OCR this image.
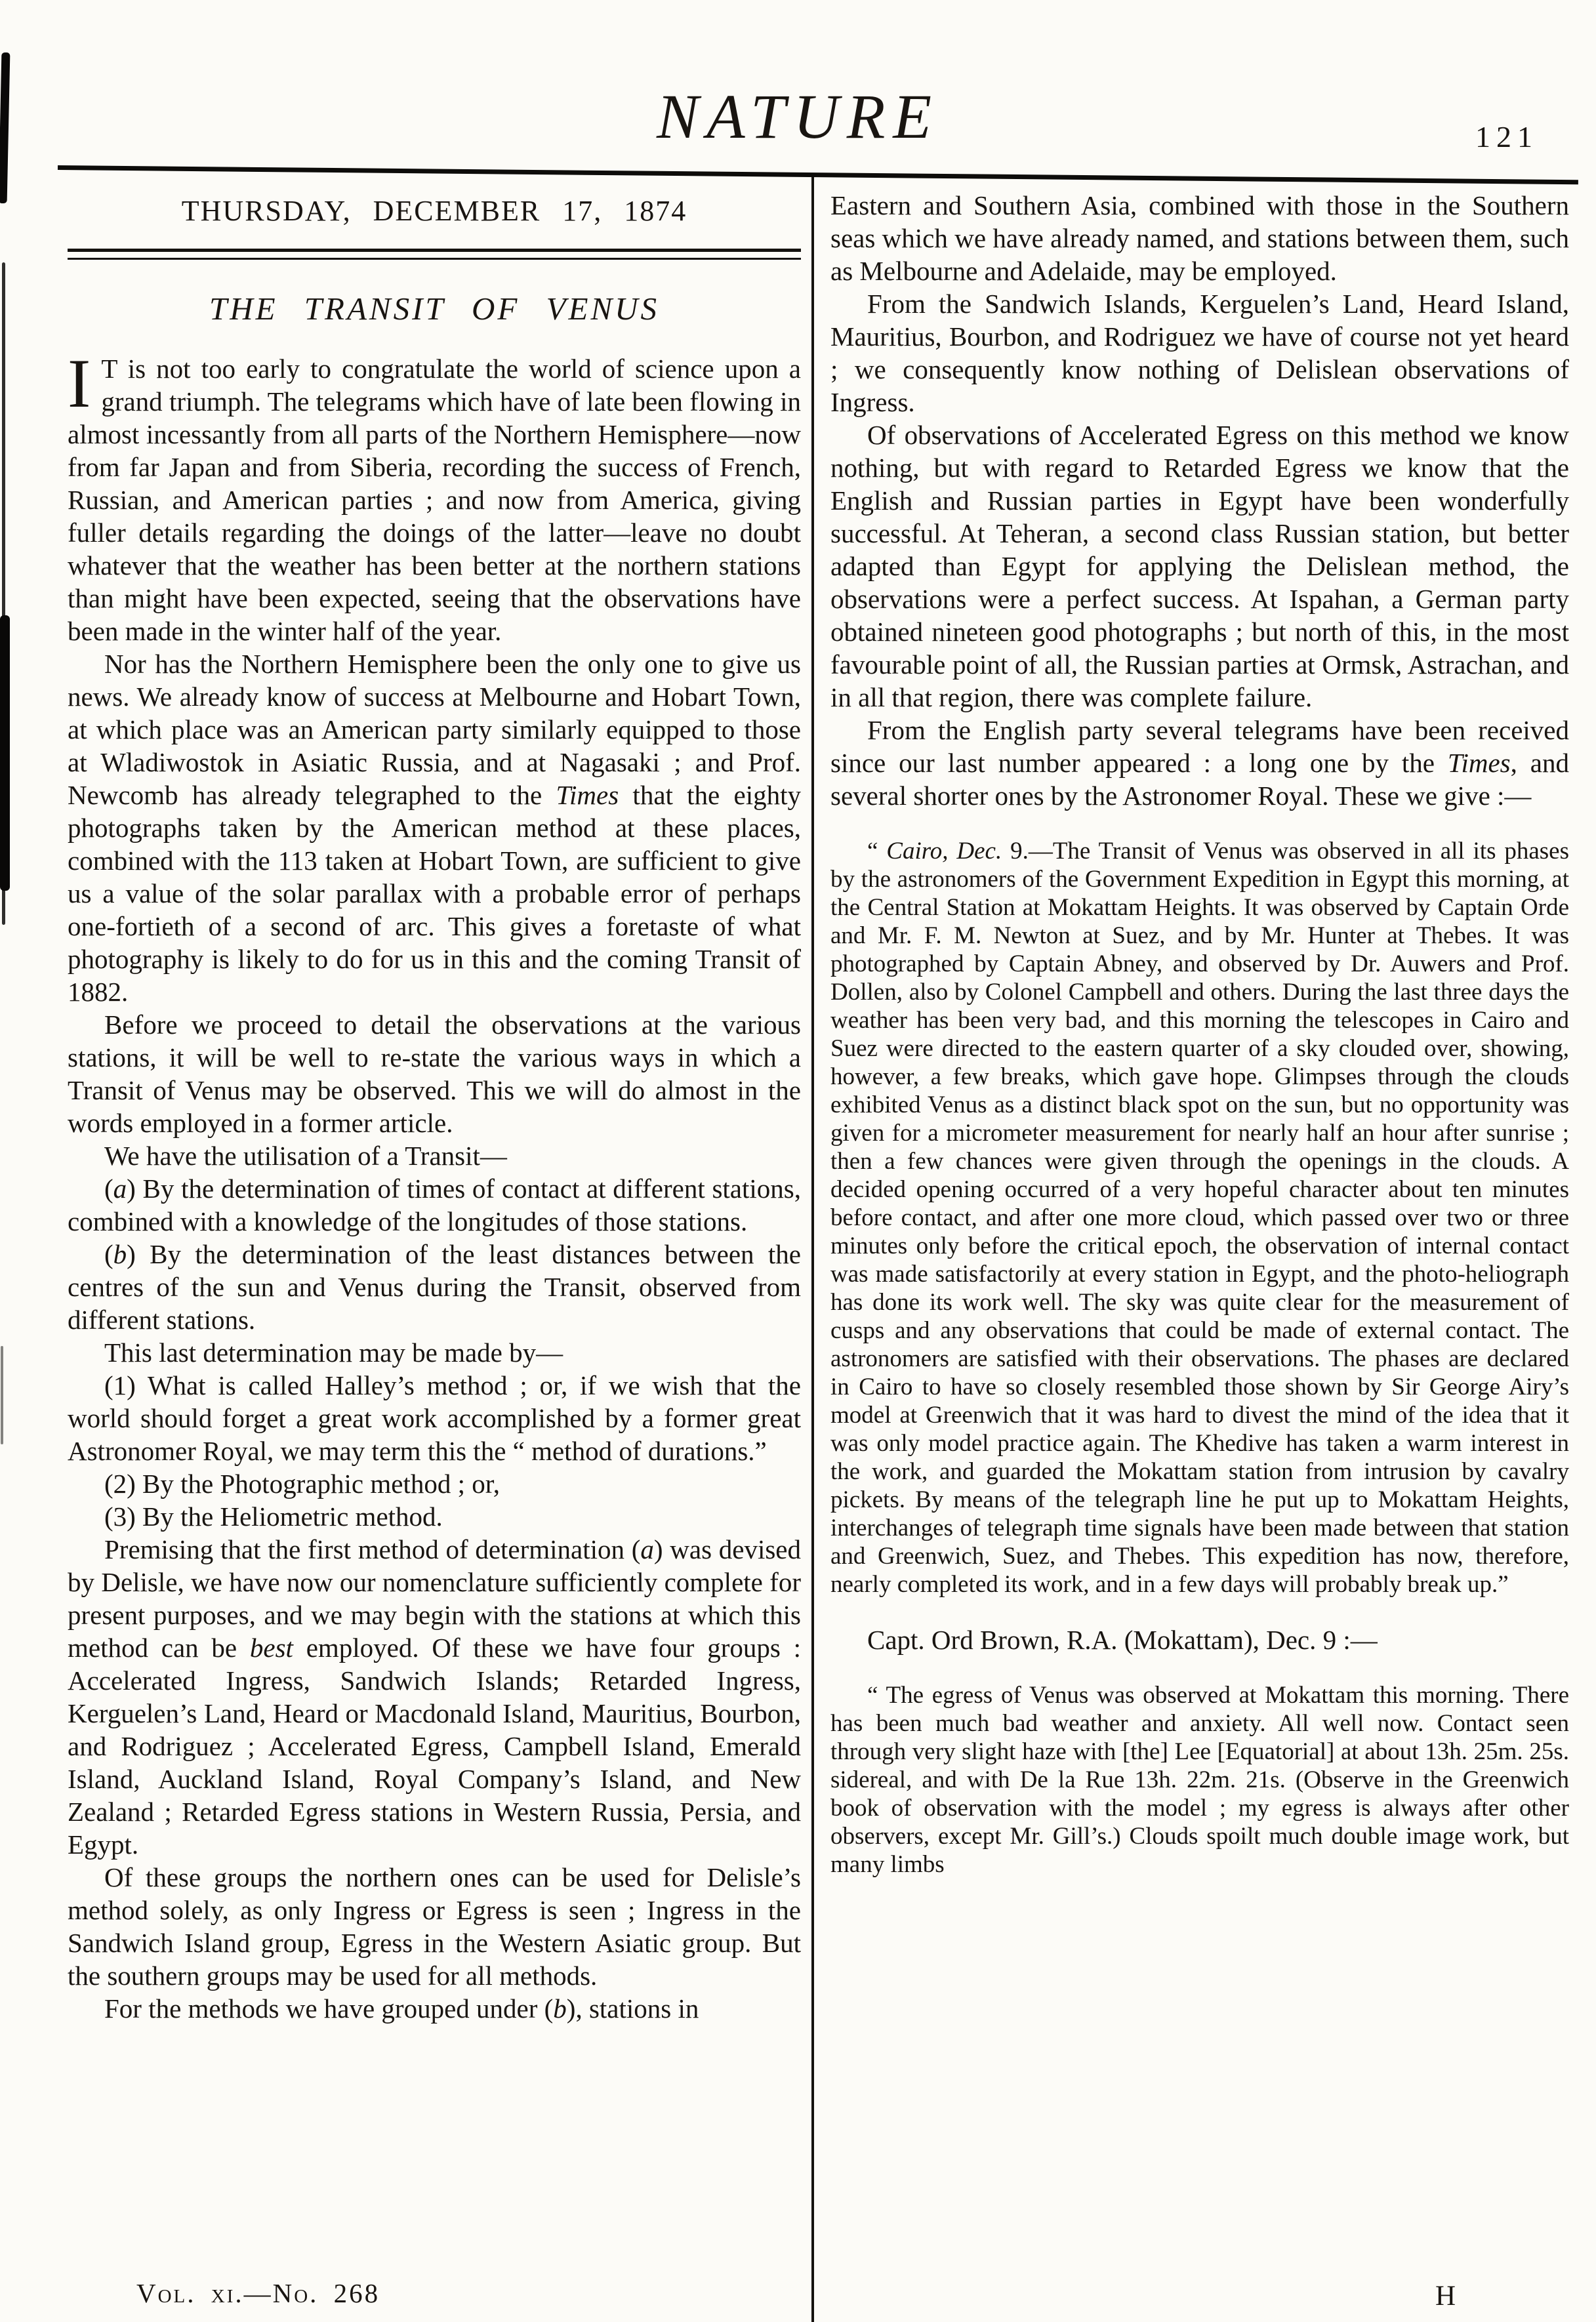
NATURE	121
THURSDAY, DECEMBER 17, 1874
THE TRANSIT OF VENUS

I T is not too early to congratulate the world of science upon a grand triumph. The telegrams which have of late been flowing in almost incessantly from all parts of the Northern Hemisphere—now from far Japan and from Siberia, recording the success of French, Russian, and American parties ; and now from America, giving fuller details regarding the doings of the latter—leave no doubt whatever that the weather has been better at the northern stations than might have been expected, seeing that the observations have been made in the winter half of the year.

Nor has the Northern Hemisphere been the only one to give us news. We already know of success at Melbourne and Hobart Town, at which place was an American party similarly equipped to those at Wladiwostok in Asiatic Russia, and at Nagasaki ; and Prof. Newcomb has already telegraphed to the Times that the eighty photographs taken by the American method at these places, combined with the 113 taken at Hobart Town, are sufficient to give us a value of the solar parallax with a probable error of perhaps one-fortieth of a second of arc. This gives a foretaste of what photography is likely to do for us in this and the coming Transit of 1882.

Before we proceed to detail the observations at the various stations, it will be well to re-state the various ways in which a Transit of Venus may be observed. This we will do almost in the words employed in a former article.

We have the utilisation of a Transit—

(a) By the determination of times of contact at different stations, combined with a knowledge of the longitudes of those stations.

(b) By the determination of the least distances between the centres of the sun and Venus during the Transit, observed from different stations.

This last determination may be made by—

(1) What is called Halley’s method ; or, if we wish that the world should forget a great work accomplished by a former great Astronomer Royal, we may term this the “ method of durations.”

(2) By the Photographic method ; or,

(3) By the Heliometric method.

Premising that the first method of determination (a) was devised by Delisle, we have now our nomenclature sufficiently complete for present purposes, and we may begin with the stations at which this method can be best employed. Of these we have four groups : Accelerated Ingress, Sandwich Islands; Retarded Ingress, Kerguelen’s Land, Heard or Macdonald Island, Mauritius, Bourbon, and Rodriguez ; Accelerated Egress, Campbell Island, Emerald Island, Auckland Island, Royal Company’s Island, and New Zealand ; Retarded Egress stations in Western Russia, Persia, and Egypt.

Of these groups the northern ones can be used for Delisle’s method solely, as only Ingress or Egress is seen ; Ingress in the Sandwich Island group, Egress in the Western Asiatic group. But the southern groups may be used for all methods.

For the methods we have grouped under (b), stations in

Eastern and Southern Asia, combined with those in the Southern seas which we have already named, and stations between them, such as Melbourne and Adelaide, may be employed.

From the Sandwich Islands, Kerguelen’s Land, Heard Island, Mauritius, Bourbon, and Rodriguez we have of course not yet heard ; we consequently know nothing of Delislean observations of Ingress.

Of observations of Accelerated Egress on this method we know nothing, but with regard to Retarded Egress we know that the English and Russian parties in Egypt have been wonderfully successful. At Teheran, a second class Russian station, but better adapted than Egypt for applying the Delislean method, the observations were a perfect success. At Ispahan, a German party obtained nineteen good photographs ; but north of this, in the most favourable point of all, the Russian parties at Ormsk, Astrachan, and in all that region, there was complete failure.

From the English party several telegrams have been received since our last number appeared : a long one by the Times, and several shorter ones by the Astronomer Royal. These we give :—

“ Cairo, Dec. 9.—The Transit of Venus was observed in all its phases by the astronomers of the Government Expedition in Egypt this morning, at the Central Station at Mokattam Heights. It was observed by Captain Orde and Mr. F. M. Newton at Suez, and by Mr. Hunter at Thebes. It was photographed by Captain Abney, and observed by Dr. Auwers and Prof. Dollen, also by Colonel Campbell and others. During the last three days the weather has been very bad, and this morning the telescopes in Cairo and Suez were directed to the eastern quarter of a sky clouded over, showing, however, a few breaks, which gave hope. Glimpses through the clouds exhibited Venus as a distinct black spot on the sun, but no opportunity was given for a micrometer measurement for nearly half an hour after sunrise ; then a few chances were given through the openings in the clouds. A decided opening occurred of a very hopeful character about ten minutes before contact, and after one more cloud, which passed over two or three minutes only before the critical epoch, the observation of internal contact was made satisfactorily at every station in Egypt, and the photo-heliograph has done its work well. The sky was quite clear for the measurement of cusps and any observations that could be made of external contact. The astronomers are satisfied with their observations. The phases are declared in Cairo to have so closely resembled those shown by Sir George Airy’s model at Greenwich that it was hard to divest the mind of the idea that it was only model practice again. The Khedive has taken a warm interest in the work, and guarded the Mokattam station from intrusion by cavalry pickets. By means of the telegraph line he put up to Mokattam Heights, interchanges of telegraph time signals have been made between that station and Greenwich, Suez, and Thebes. This expedition has now, therefore, nearly completed its work, and in a few days will probably break up.”

Capt. Ord Brown, R.A. (Mokattam), Dec. 9 :—

“ The egress of Venus was observed at Mokattam this morning. There has been much bad weather and anxiety. All well now. Contact seen through very slight haze with [the] Lee [Equatorial] at about 13h. 25m. 25s. sidereal, and with De la Rue 13h. 22m. 21s. (Observe in the Greenwich book of observation with the model ; my egress is always after other observers, except Mr. Gill’s.) Clouds spoilt much double image work, but many limbs

Vol. xi.—No. 268	H
